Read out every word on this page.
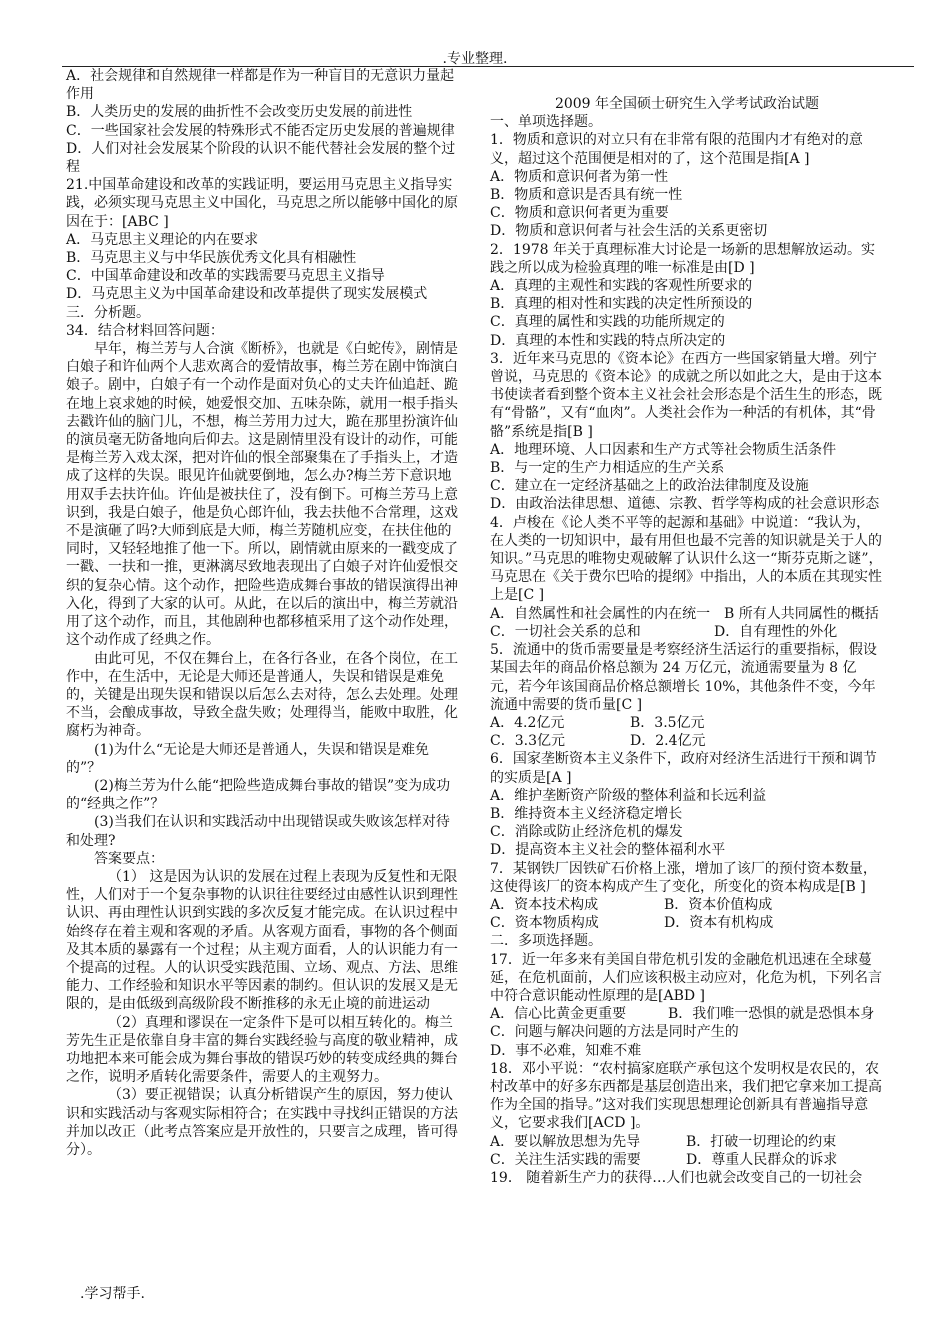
.专业整理.

A．社会规律和自然规律一样都是作为一种盲目的无意识力量起作用

B．人类历史的发展的曲折性不会改变历史发展的前进性

C．一些国家社会发展的特殊形式不能否定历史发展的普遍规律

D．人们对社会发展某个阶段的认识不能代替社会发展的整个过程

21.中国革命建设和改革的实践证明，要运用马克思主义指导实践，必须实现马克思主义中国化，马克思之所以能够中国化的原因在于：[ABC ]

A．马克思主义理论的内在要求

B．马克思主义与中华民族优秀文化具有相融性

C．中国革命建设和改革的实践需要马克思主义指导

D．马克思主义为中国革命建设和改革提供了现实发展模式

三．分析题。

34．结合材料回答问题：

早年，梅兰芳与人合演《断桥》，也就是《白蛇传》，剧情是白娘子和许仙两个人悲欢离合的爱情故事，梅兰芳在剧中饰演白娘子。剧中，白娘子有一个动作是面对负心的丈夫许仙追赶、跪在地上哀求她的时候，她爱恨交加、五味杂陈，就用一根手指头去戳许仙的脑门儿，不想，梅兰芳用力过大，跪在那里扮演许仙的演员毫无防备地向后仰去。这是剧情里没有设计的动作，可能是梅兰芳入戏太深，把对许仙的恨全部聚集在了手指头上，才造成了这样的失误。眼见许仙就要倒地，怎么办?梅兰芳下意识地用双手去扶许仙。许仙是被扶住了，没有倒下。可梅兰芳马上意识到，我是白娘子，他是负心郎许仙，我去扶他不合常理，这戏不是演砸了吗?大师到底是大师，梅兰芳随机应变，在扶住他的同时，又轻轻地推了他一下。所以，剧情就由原来的一戳变成了一戳、一扶和一推，更淋漓尽致地表现出了白娘子对许仙爱恨交织的复杂心情。这个动作，把险些造成舞台事故的错误演得出神入化，得到了大家的认可。从此，在以后的演出中，梅兰芳就沿用了这个动作，而且，其他剧种也都移植采用了这个动作处理，这个动作成了经典之作。

由此可见，不仅在舞台上，在各行各业，在各个岗位，在工作中，在生活中，无论是大师还是普通人，失误和错误是难免的，关键是出现失误和错误以后怎么去对待，怎么去处理。处理不当，会酿成事故，导致全盘失败；处理得当，能败中取胜，化腐朽为神奇。

(1)为什么“无论是大师还是普通人，失误和错误是难免的”？

(2)梅兰芳为什么能“把险些造成舞台事故的错误”变为成功的“经典之作”？

(3)当我们在认识和实践活动中出现错误或失败该怎样对待和处理?

答案要点：

（1） 这是因为认识的发展在过程上表现为反复性和无限性，人们对于一个复杂事物的认识往往要经过由感性认识到理性认识、再由理性认识到实践的多次反复才能完成。在认识过程中始终存在着主观和客观的矛盾。从客观方面看，事物的各个侧面及其本质的暴露有一个过程；从主观方面看，人的认识能力有一个提高的过程。人的认识受实践范围、立场、观点、方法、思维能力、工作经验和知识水平等因素的制约。但认识的发展又是无限的，是由低级到高级阶段不断推移的永无止境的前进运动

（2）真理和谬误在一定条件下是可以相互转化的。梅兰芳先生正是依靠自身丰富的舞台实践经验与高度的敬业精神，成功地把本来可能会成为舞台事故的错误巧妙的转变成经典的舞台之作，说明矛盾转化需要条件，需要人的主观努力。

（3）要正视错误；认真分析错误产生的原因，努力使认识和实践活动与客观实际相符合；在实践中寻找纠正错误的方法并加以改正（此考点答案应是开放性的，只要言之成理，皆可得分）。

2009 年全国硕士研究生入学考试政治试题

一、单项选择题。

1．物质和意识的对立只有在非常有限的范围内才有绝对的意义，超过这个范围便是相对的了，这个范围是指[A ]

A．物质和意识何者为第一性

B．物质和意识是否具有统一性

C．物质和意识何者更为重要

D．物质和意识何者与社会生活的关系更密切

2．1978 年关于真理标准大讨论是一场新的思想解放运动。实践之所以成为检验真理的唯一标准是由[D ]

A．真理的主观性和实践的客观性所要求的

B．真理的相对性和实践的决定性所预设的

C．真理的属性和实践的功能所规定的

D．真理的本性和实践的特点所决定的

3．近年来马克思的《资本论》在西方一些国家销量大增。列宁曾说，马克思的《资本论》的成就之所以如此之大，是由于这本书使读者看到整个资本主义社会社会形态是个活生生的形态，既有“骨骼”，又有“血肉”。人类社会作为一种活的有机体，其“骨骼”系统是指[B ]

A．地理环境、人口因素和生产方式等社会物质生活条件

B．与一定的生产力相适应的生产关系

C．建立在一定经济基础之上的政治法律制度及设施

D．由政治法律思想、道德、宗教、哲学等构成的社会意识形态

4．卢梭在《论人类不平等的起源和基础》中说道：“我认为，在人类的一切知识中，最有用但也最不完善的知识就是关于人的知识。”马克思的唯物史观破解了认识什么这一“斯芬克斯之谜”，马克思在《关于费尔巴哈的提纲》中指出，人的本质在其现实性上是[C ]

A．自然属性和社会属性的内在统一 B 所有人共同属性的概括
C．一切社会关系的总和	D．自有理性的外化

5．流通中的货币需要量是考察经济生活运行的重要指标，假设某国去年的商品价格总额为 24 万亿元，流通需要量为 8 亿元，若今年该国商品价格总额增长 10%，其他条件不变，今年流通中需要的货币量[C ]

A．4.2亿元	B．3.5亿元
C．3.3亿元	D．2.4亿元

6．国家垄断资本主义条件下，政府对经济生活进行干预和调节的实质是[A ]

A．维护垄断资产阶级的整体利益和长远利益

B．维持资本主义经济稳定增长

C．消除或防止经济危机的爆发

D．提高资本主义社会的整体福利水平

7．某钢铁厂因铁矿石价格上涨，增加了该厂的预付资本数量，这使得该厂的资本构成产生了变化，所变化的资本构成是[B ]

A．资本技术构成	B．资本价值构成
C．资本物质构成	D．资本有机构成

二．多项选择题。

17．近一年多来有美国自带危机引发的金融危机迅速在全球蔓延，在危机面前，人们应该积极主动应对，化危为机，下列名言中符合意识能动性原理的是[ABD ]

A．信心比黄金更重要	B．我们唯一恐惧的就是恐惧本身

C．问题与解决问题的方法是同时产生的

D．事不必难，知难不难

18．邓小平说：“农村搞家庭联产承包这个发明权是农民的，农村改革中的好多东西都是基层创造出来，我们把它拿来加工提高作为全国的指导。”这对我们实现思想理论创新具有普遍指导意义，它要求我们[ACD ]。

A．要以解放思想为先导	B．打破一切理论的约束
C．关注生活实践的需要	D．尊重人民群众的诉求

19． 随着新生产力的获得…人们也就会改变自己的一切社会

.学习帮手.
